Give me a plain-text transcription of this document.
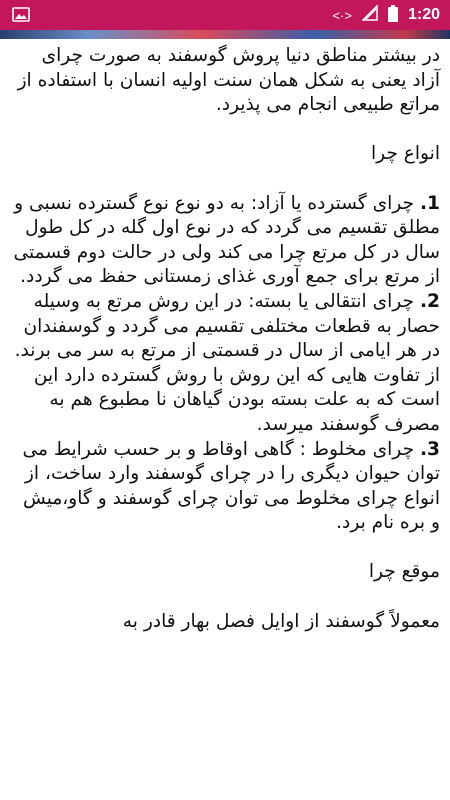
<·>	1:20

در بیشتر مناطق دنیا پروش گوسفند به صورت چرای آزاد یعنی به شکل همان سنت اولیه انسان با استفاده از مراتع طبیعی انجام می پذیرد.

انواع چرا

1. چرای گسترده یا آزاد: به دو نوع نوع گسترده نسبی و مطلق تقسیم می گردد که در نوع اول گله در کل طول سال در کل مرتع چرا می کند ولی در حالت دوم قسمتی از مرتع برای جمع آوری غذای زمستانی حفظ می گردد.

2. چرای انتقالی یا بسته: در این روش مرتع به وسیله حصار به قطعات مختلفی تقسیم می گردد و گوسفندان در هر ایامی از سال در قسمتی از مرتع به سر می برند. از تفاوت هایی که این روش با روش گسترده دارد این است که به علت بسته بودن گیاهان نا مطبوع هم به مصرف گوسفند میرسد.

3. چرای مخلوط : گاهی اوقاط و بر حسب شرایط می توان حیوان دیگری را در چرای گوسفند وارد ساخت، از انواع چرای مخلوط می توان چرای گوسفند و گاو،میش و بره نام برد.

موقع چرا

معمولاً گوسفند از اوایل فصل بهار قادر به
